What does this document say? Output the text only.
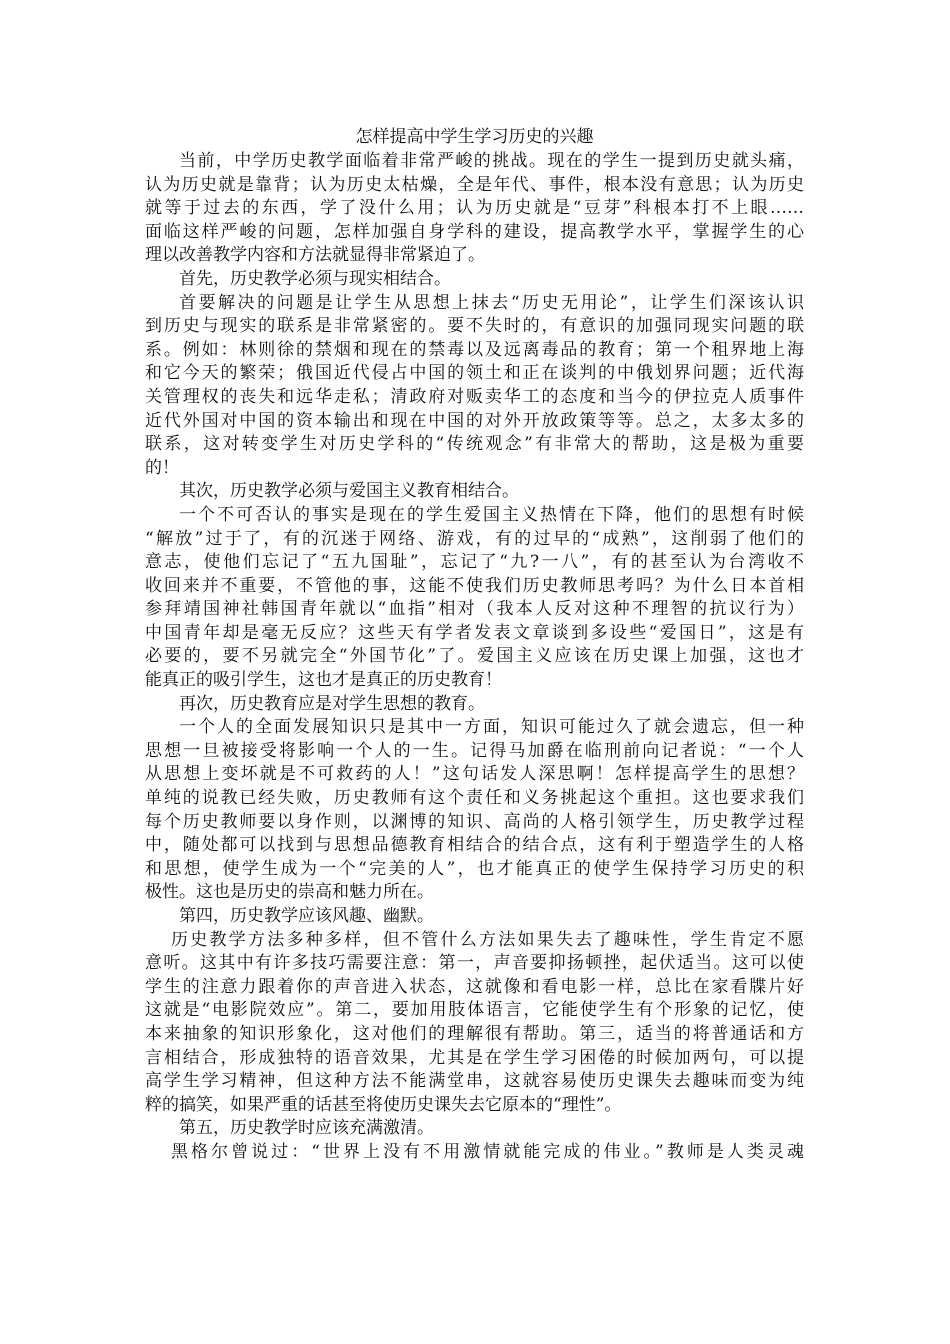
怎样提高中学生学习历史的兴趣
当前，中学历史教学面临着非常严峻的挑战。现在的学生一提到历史就头痛，
认为历史就是靠背；认为历史太枯燥，全是年代、事件，根本没有意思；认为历史
就等于过去的东西，学了没什么用；认为历史就是“豆芽”科根本打不上眼……
面临这样严峻的问题，怎样加强自身学科的建设，提高教学水平，掌握学生的心
理以改善教学内容和方法就显得非常紧迫了。
首先，历史教学必须与现实相结合。
首要解决的问题是让学生从思想上抹去“历史无用论”，让学生们深该认识
到历史与现实的联系是非常紧密的。要不失时的，有意识的加强同现实问题的联
系。例如：林则徐的禁烟和现在的禁毒以及远离毒品的教育；第一个租界地上海
和它今天的繁荣；俄国近代侵占中国的领土和正在谈判的中俄划界问题；近代海
关管理权的丧失和远华走私；清政府对贩卖华工的态度和当今的伊拉克人质事件
近代外国对中国的资本输出和现在中国的对外开放政策等等。总之，太多太多的
联系，这对转变学生对历史学科的“传统观念”有非常大的帮助，这是极为重要
的！
其次，历史教学必须与爱国主义教育相结合。
一个不可否认的事实是现在的学生爱国主义热情在下降，他们的思想有时候
“解放”过于了，有的沉迷于网络、游戏，有的过早的“成熟”，这削弱了他们的
意志，使他们忘记了“五九国耻”，忘记了“九?一八”，有的甚至认为台湾收不
收回来并不重要，不管他的事，这能不使我们历史教师思考吗？为什么日本首相
参拜靖国神社韩国青年就以“血指”相对（我本人反对这种不理智的抗议行为）
中国青年却是毫无反应？这些天有学者发表文章谈到多设些“爱国日”，这是有
必要的，要不另就完全“外国节化”了。爱国主义应该在历史课上加强，这也才
能真正的吸引学生，这也才是真正的历史教育！
再次，历史教育应是对学生思想的教育。
一个人的全面发展知识只是其中一方面，知识可能过久了就会遗忘，但一种
思想一旦被接受将影响一个人的一生。记得马加爵在临刑前向记者说：“一个人
从思想上变坏就是不可救药的人！”这句话发人深思啊！怎样提高学生的思想？
单纯的说教已经失败，历史教师有这个责任和义务挑起这个重担。这也要求我们
每个历史教师要以身作则，以渊博的知识、高尚的人格引领学生，历史教学过程
中，随处都可以找到与思想品德教育相结合的结合点，这有利于塑造学生的人格
和思想，使学生成为一个“完美的人”，也才能真正的使学生保持学习历史的积
极性。这也是历史的崇高和魅力所在。
第四，历史教学应该风趣、幽默。
历史教学方法多种多样，但不管什么方法如果失去了趣味性，学生肯定不愿
意听。这其中有许多技巧需要注意：第一，声音要抑扬顿挫，起伏适当。这可以使
学生的注意力跟着你的声音进入状态，这就像和看电影一样，总比在家看牒片好
这就是“电影院效应”。第二，要加用肢体语言，它能使学生有个形象的记忆，使
本来抽象的知识形象化，这对他们的理解很有帮助。第三，适当的将普通话和方
言相结合，形成独特的语音效果，尤其是在学生学习困倦的时候加两句，可以提
高学生学习精神，但这种方法不能满堂串，这就容易使历史课失去趣味而变为纯
粹的搞笑，如果严重的话甚至将使历史课失去它原本的“理性”。
第五，历史教学时应该充满激清。
黑格尔曾说过：“世界上没有不用激情就能完成的伟业。”教师是人类灵魂
